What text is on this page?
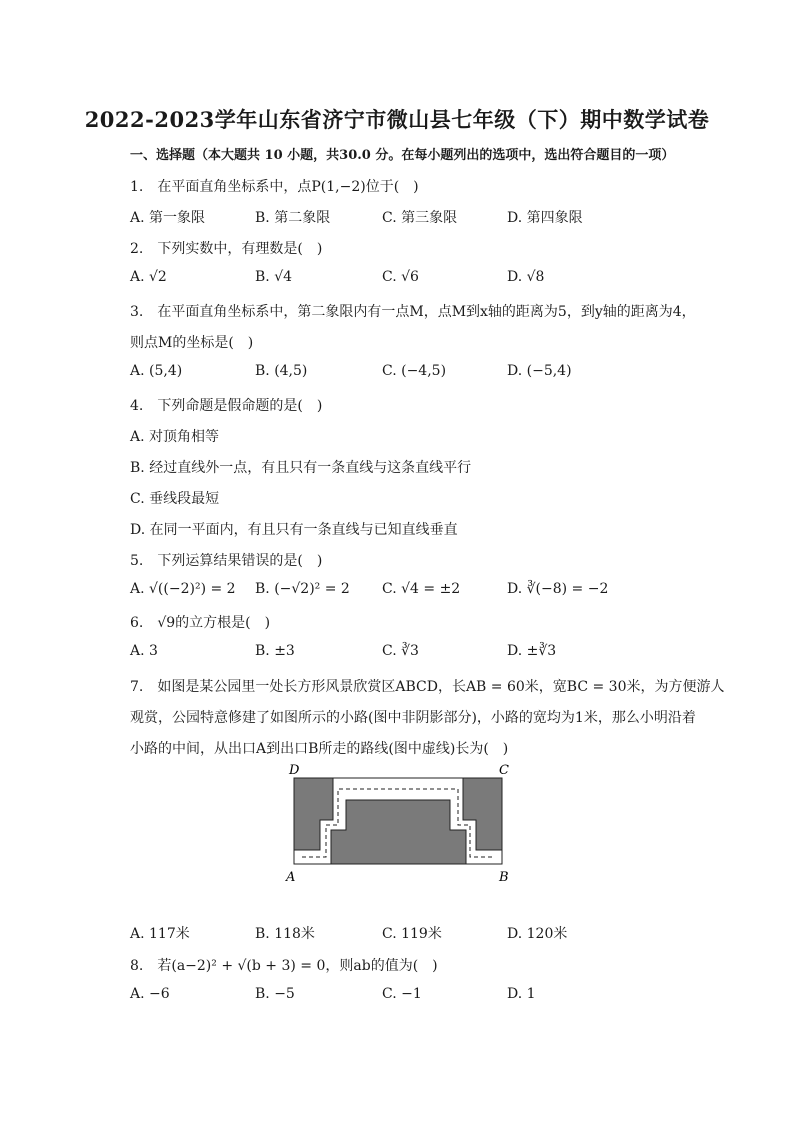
2022-2023学年山东省济宁市微山县七年级（下）期中数学试卷
一、选择题（本大题共 10 小题，共30.0 分。在每小题列出的选项中，选出符合题目的一项）
1.　在平面直角坐标系中，点P(1,−2)位于(　)
A. 第一象限	B. 第二象限	C. 第三象限	D. 第四象限
2.　下列实数中，有理数是(　)
A. √2	B. √4	C. √6	D. √8
3.　在平面直角坐标系中，第二象限内有一点M，点M到x轴的距离为5，到y轴的距离为4，
则点M的坐标是(　)
A. (5,4)	B. (4,5)	C. (−4,5)	D. (−5,4)
4.　下列命题是假命题的是(　)
A. 对顶角相等
B. 经过直线外一点，有且只有一条直线与这条直线平行
C. 垂线段最短
D. 在同一平面内，有且只有一条直线与已知直线垂直
5.　下列运算结果错误的是(　)
A. √((−2)²) = 2 B. (−√2)² = 2 C. √4 = ±2	D. ∛(−8) = −2
6.　√9的立方根是(　)
A. 3	B. ±3	C. ∛3	D. ±∛3
7.　如图是某公园里一处长方形风景欣赏区ABCD，长AB = 60米，宽BC = 30米，为方便游人
观赏，公园特意修建了如图所示的小路(图中非阴影部分)，小路的宽均为1米，那么小明沿着
小路的中间，从出口A到出口B所走的路线(图中虚线)长为(　)
D	C
A	B
A. 117米	B. 118米	C. 119米	D. 120米
8.　若(a−2)² + √(b + 3) = 0，则ab的值为(　)
A. −6	B. −5	C. −1	D. 1
